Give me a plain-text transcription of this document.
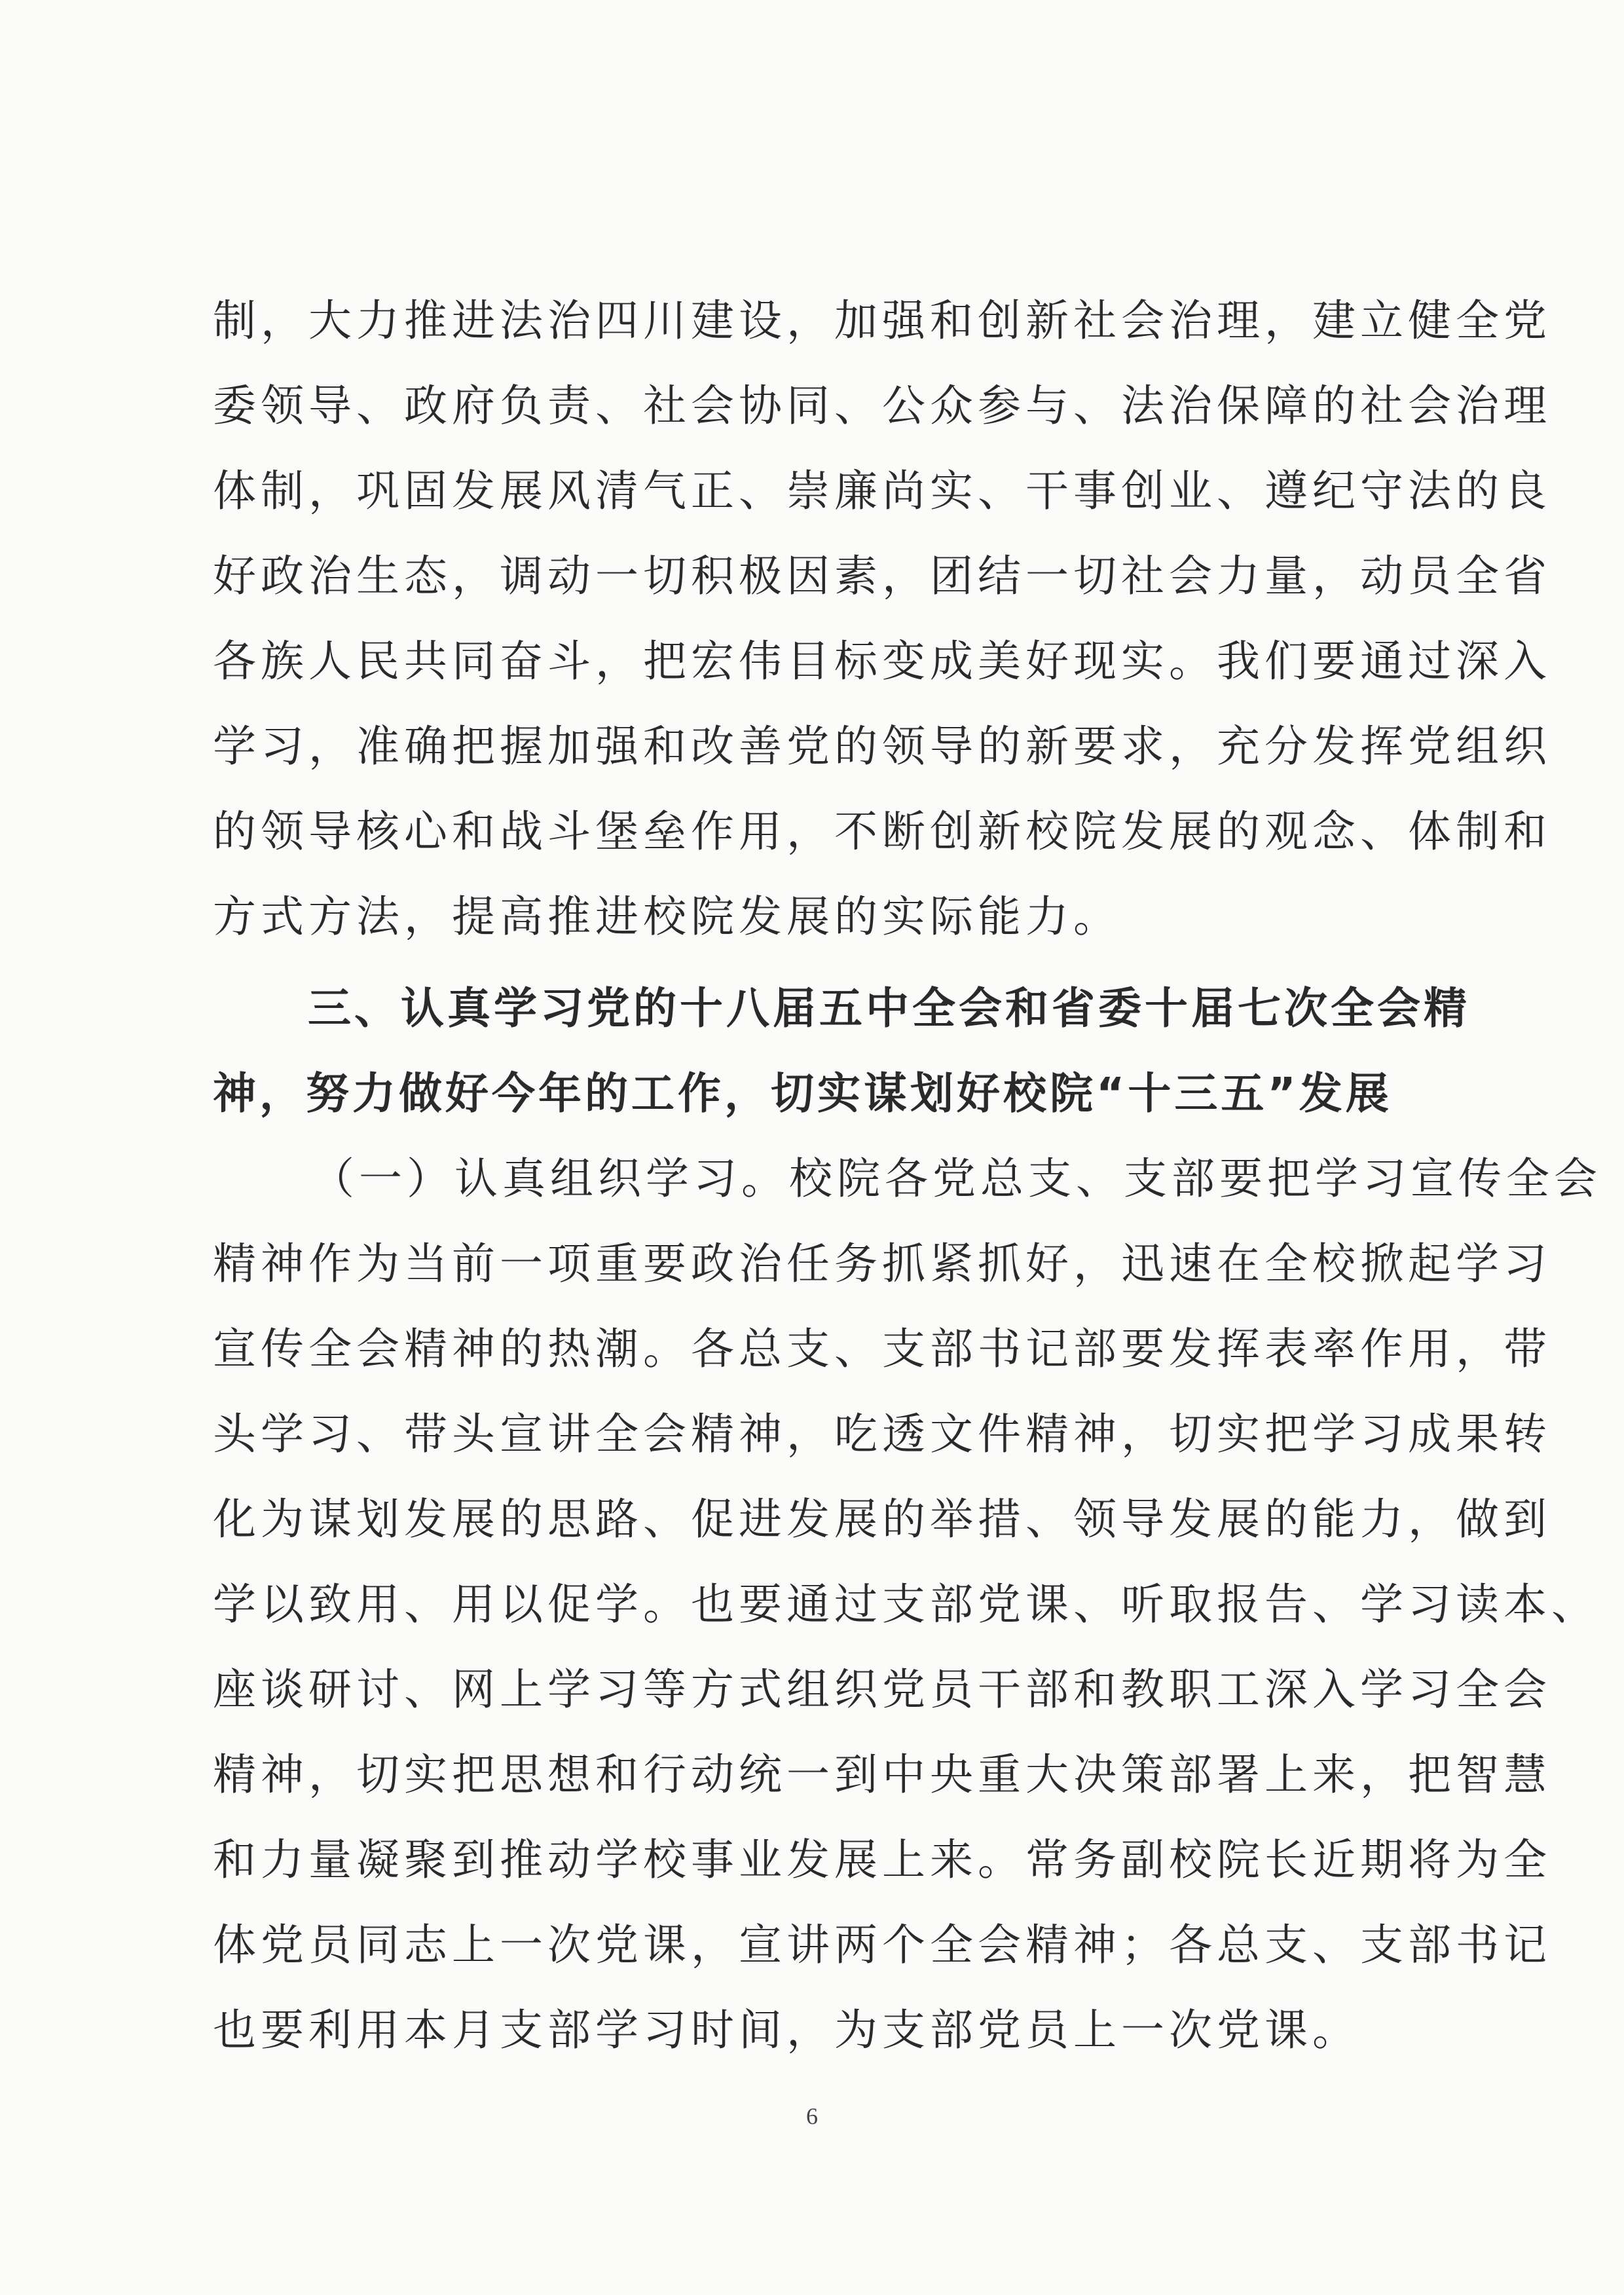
制，大力推进法治四川建设，加强和创新社会治理，建立健全党
委领导、政府负责、社会协同、公众参与、法治保障的社会治理
体制，巩固发展风清气正、崇廉尚实、干事创业、遵纪守法的良
好政治生态，调动一切积极因素，团结一切社会力量，动员全省
各族人民共同奋斗，把宏伟目标变成美好现实。我们要通过深入
学习，准确把握加强和改善党的领导的新要求，充分发挥党组织
的领导核心和战斗堡垒作用，不断创新校院发展的观念、体制和
方式方法，提高推进校院发展的实际能力。
三、认真学习党的十八届五中全会和省委十届七次全会精
神，努力做好今年的工作，切实谋划好校院“十三五”发展
（一）认真组织学习。校院各党总支、支部要把学习宣传全会
精神作为当前一项重要政治任务抓紧抓好，迅速在全校掀起学习
宣传全会精神的热潮。各总支、支部书记部要发挥表率作用，带
头学习、带头宣讲全会精神，吃透文件精神，切实把学习成果转
化为谋划发展的思路、促进发展的举措、领导发展的能力，做到
学以致用、用以促学。也要通过支部党课、听取报告、学习读本、
座谈研讨、网上学习等方式组织党员干部和教职工深入学习全会
精神，切实把思想和行动统一到中央重大决策部署上来，把智慧
和力量凝聚到推动学校事业发展上来。常务副校院长近期将为全
体党员同志上一次党课，宣讲两个全会精神；各总支、支部书记
也要利用本月支部学习时间，为支部党员上一次党课。
6
